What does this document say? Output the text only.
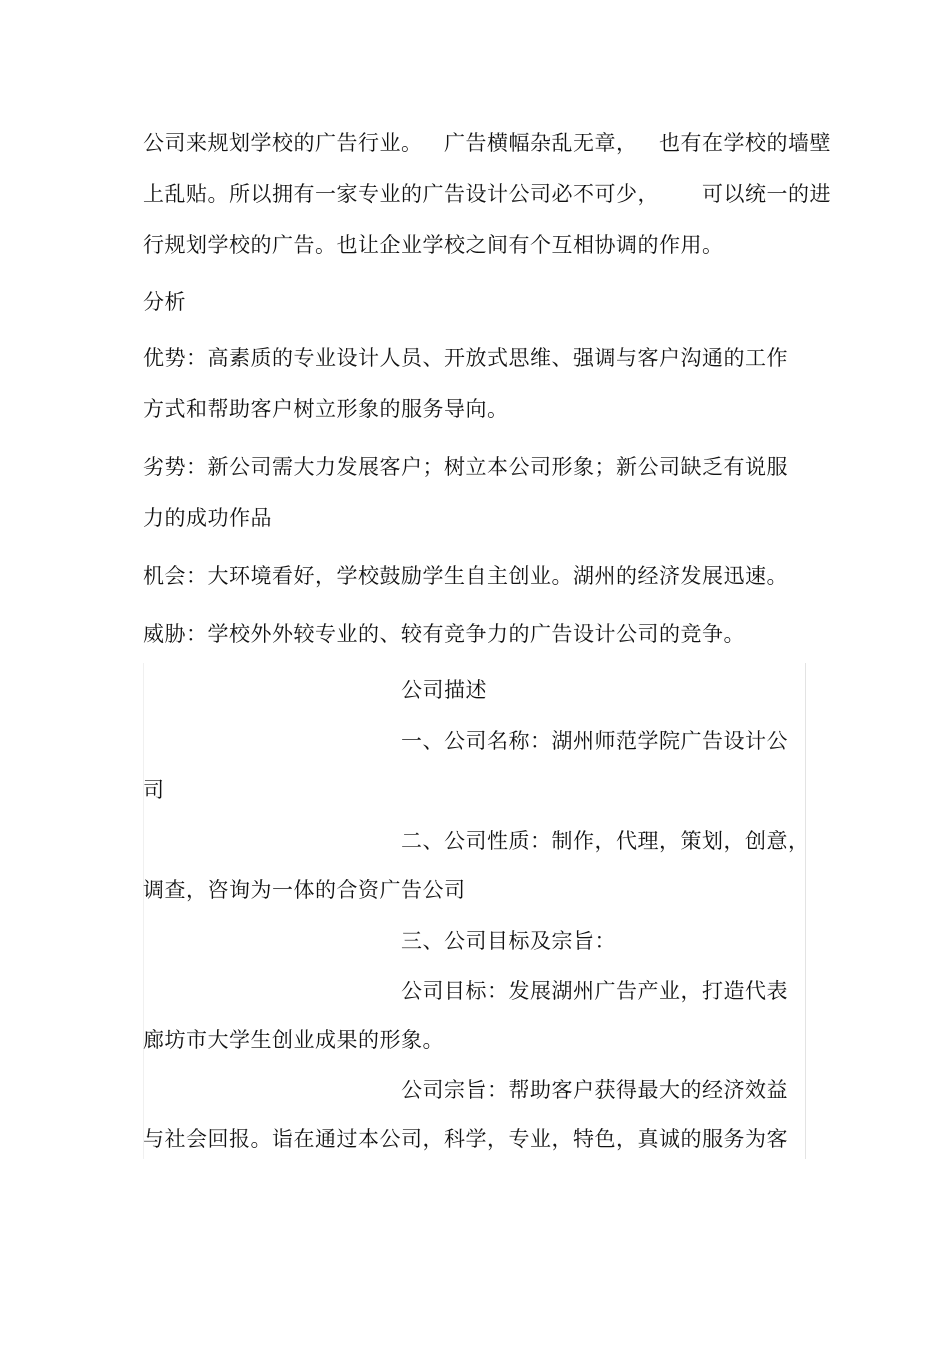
公司来规划学校的广告行业。   广告横幅杂乱无章，   也有在学校的墙壁
上乱贴。所以拥有一家专业的广告设计公司必不可少，      可以统一的进
行规划学校的广告。也让企业学校之间有个互相协调的作用。
分析
优势：高素质的专业设计人员、开放式思维、强调与客户沟通的工作
方式和帮助客户树立形象的服务导向。
劣势：新公司需大力发展客户；树立本公司形象；新公司缺乏有说服
力的成功作品
机会：大环境看好，学校鼓励学生自主创业。湖州的经济发展迅速。
威胁：学校外外较专业的、较有竞争力的广告设计公司的竞争。
公司描述
一、公司名称：湖州师范学院广告设计公
司
二、公司性质：制作，代理，策划，创意，
调查，咨询为一体的合资广告公司
三、公司目标及宗旨：
公司目标：发展湖州广告产业，打造代表
廊坊市大学生创业成果的形象。
公司宗旨：帮助客户获得最大的经济效益
与社会回报。诣在通过本公司，科学，专业，特色，真诚的服务为客
